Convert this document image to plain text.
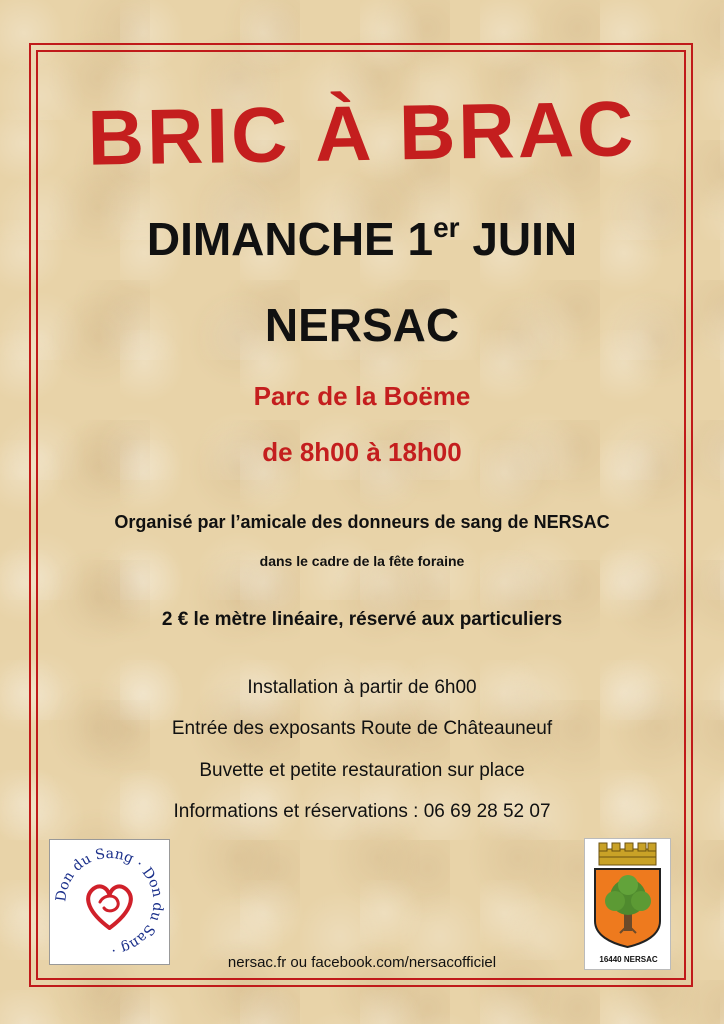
BRIC À BRAC
DIMANCHE 1er JUIN
NERSAC
Parc de la Boëme
de 8h00 à 18h00
Organisé par l’amicale des donneurs de sang de NERSAC
dans le cadre de la fête foraine
2 € le mètre linéaire, réservé aux particuliers
Installation à partir de 6h00
Entrée des exposants Route de Châteauneuf
Buvette et petite restauration sur place
Informations et réservations : 06 69 28 52 07
Don du Sang · Don du Sang ·
16440 NERSAC
nersac.fr ou facebook.com/nersacofficiel
